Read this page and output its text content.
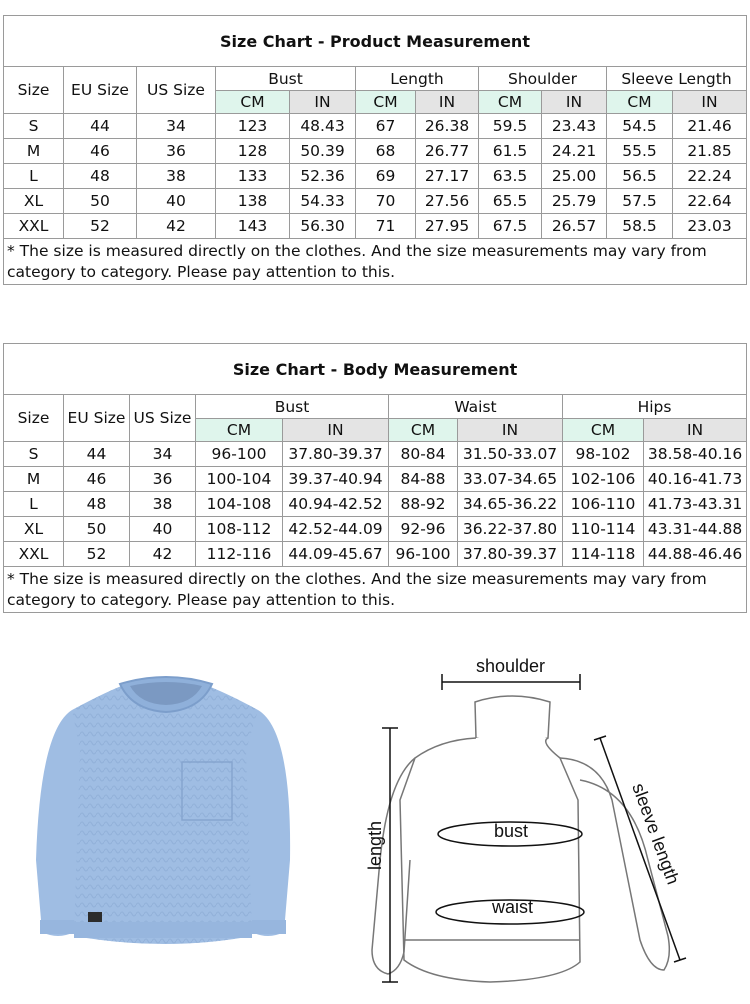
Size Chart - Product Measurement										
Size	EU Size	US Size	Bust		Length		Shoulder		Sleeve Length	
			CM	IN	CM	IN	CM	IN	CM	IN
S	44	34	123	48.43	67	26.38	59.5	23.43	54.5	21.46
M	46	36	128	50.39	68	26.77	61.5	24.21	55.5	21.85
L	48	38	133	52.36	69	27.17	63.5	25.00	56.5	22.24
XL	50	40	138	54.33	70	27.56	65.5	25.79	57.5	22.64
XXL	52	42	143	56.30	71	27.95	67.5	26.57	58.5	23.03
* The size is measured directly on the clothes. And the size measurements may vary from category to category. Please pay attention to this.										
Size Chart - Body Measurement								
Size	EU Size	US Size	Bust		Waist		Hips	
			CM	IN	CM	IN	CM	IN
S	44	34	96-100	37.80-39.37	80-84	31.50-33.07	98-102	38.58-40.16
M	46	36	100-104	39.37-40.94	84-88	33.07-34.65	102-106	40.16-41.73
L	48	38	104-108	40.94-42.52	88-92	34.65-36.22	106-110	41.73-43.31
XL	50	40	108-112	42.52-44.09	92-96	36.22-37.80	110-114	43.31-44.88
XXL	52	42	112-116	44.09-45.67	96-100	37.80-39.37	114-118	44.88-46.46
* The size is measured directly on the clothes. And the size measurements may vary from category to category. Please pay attention to this.								
shoulder
bust
waist
length	sleeve length
